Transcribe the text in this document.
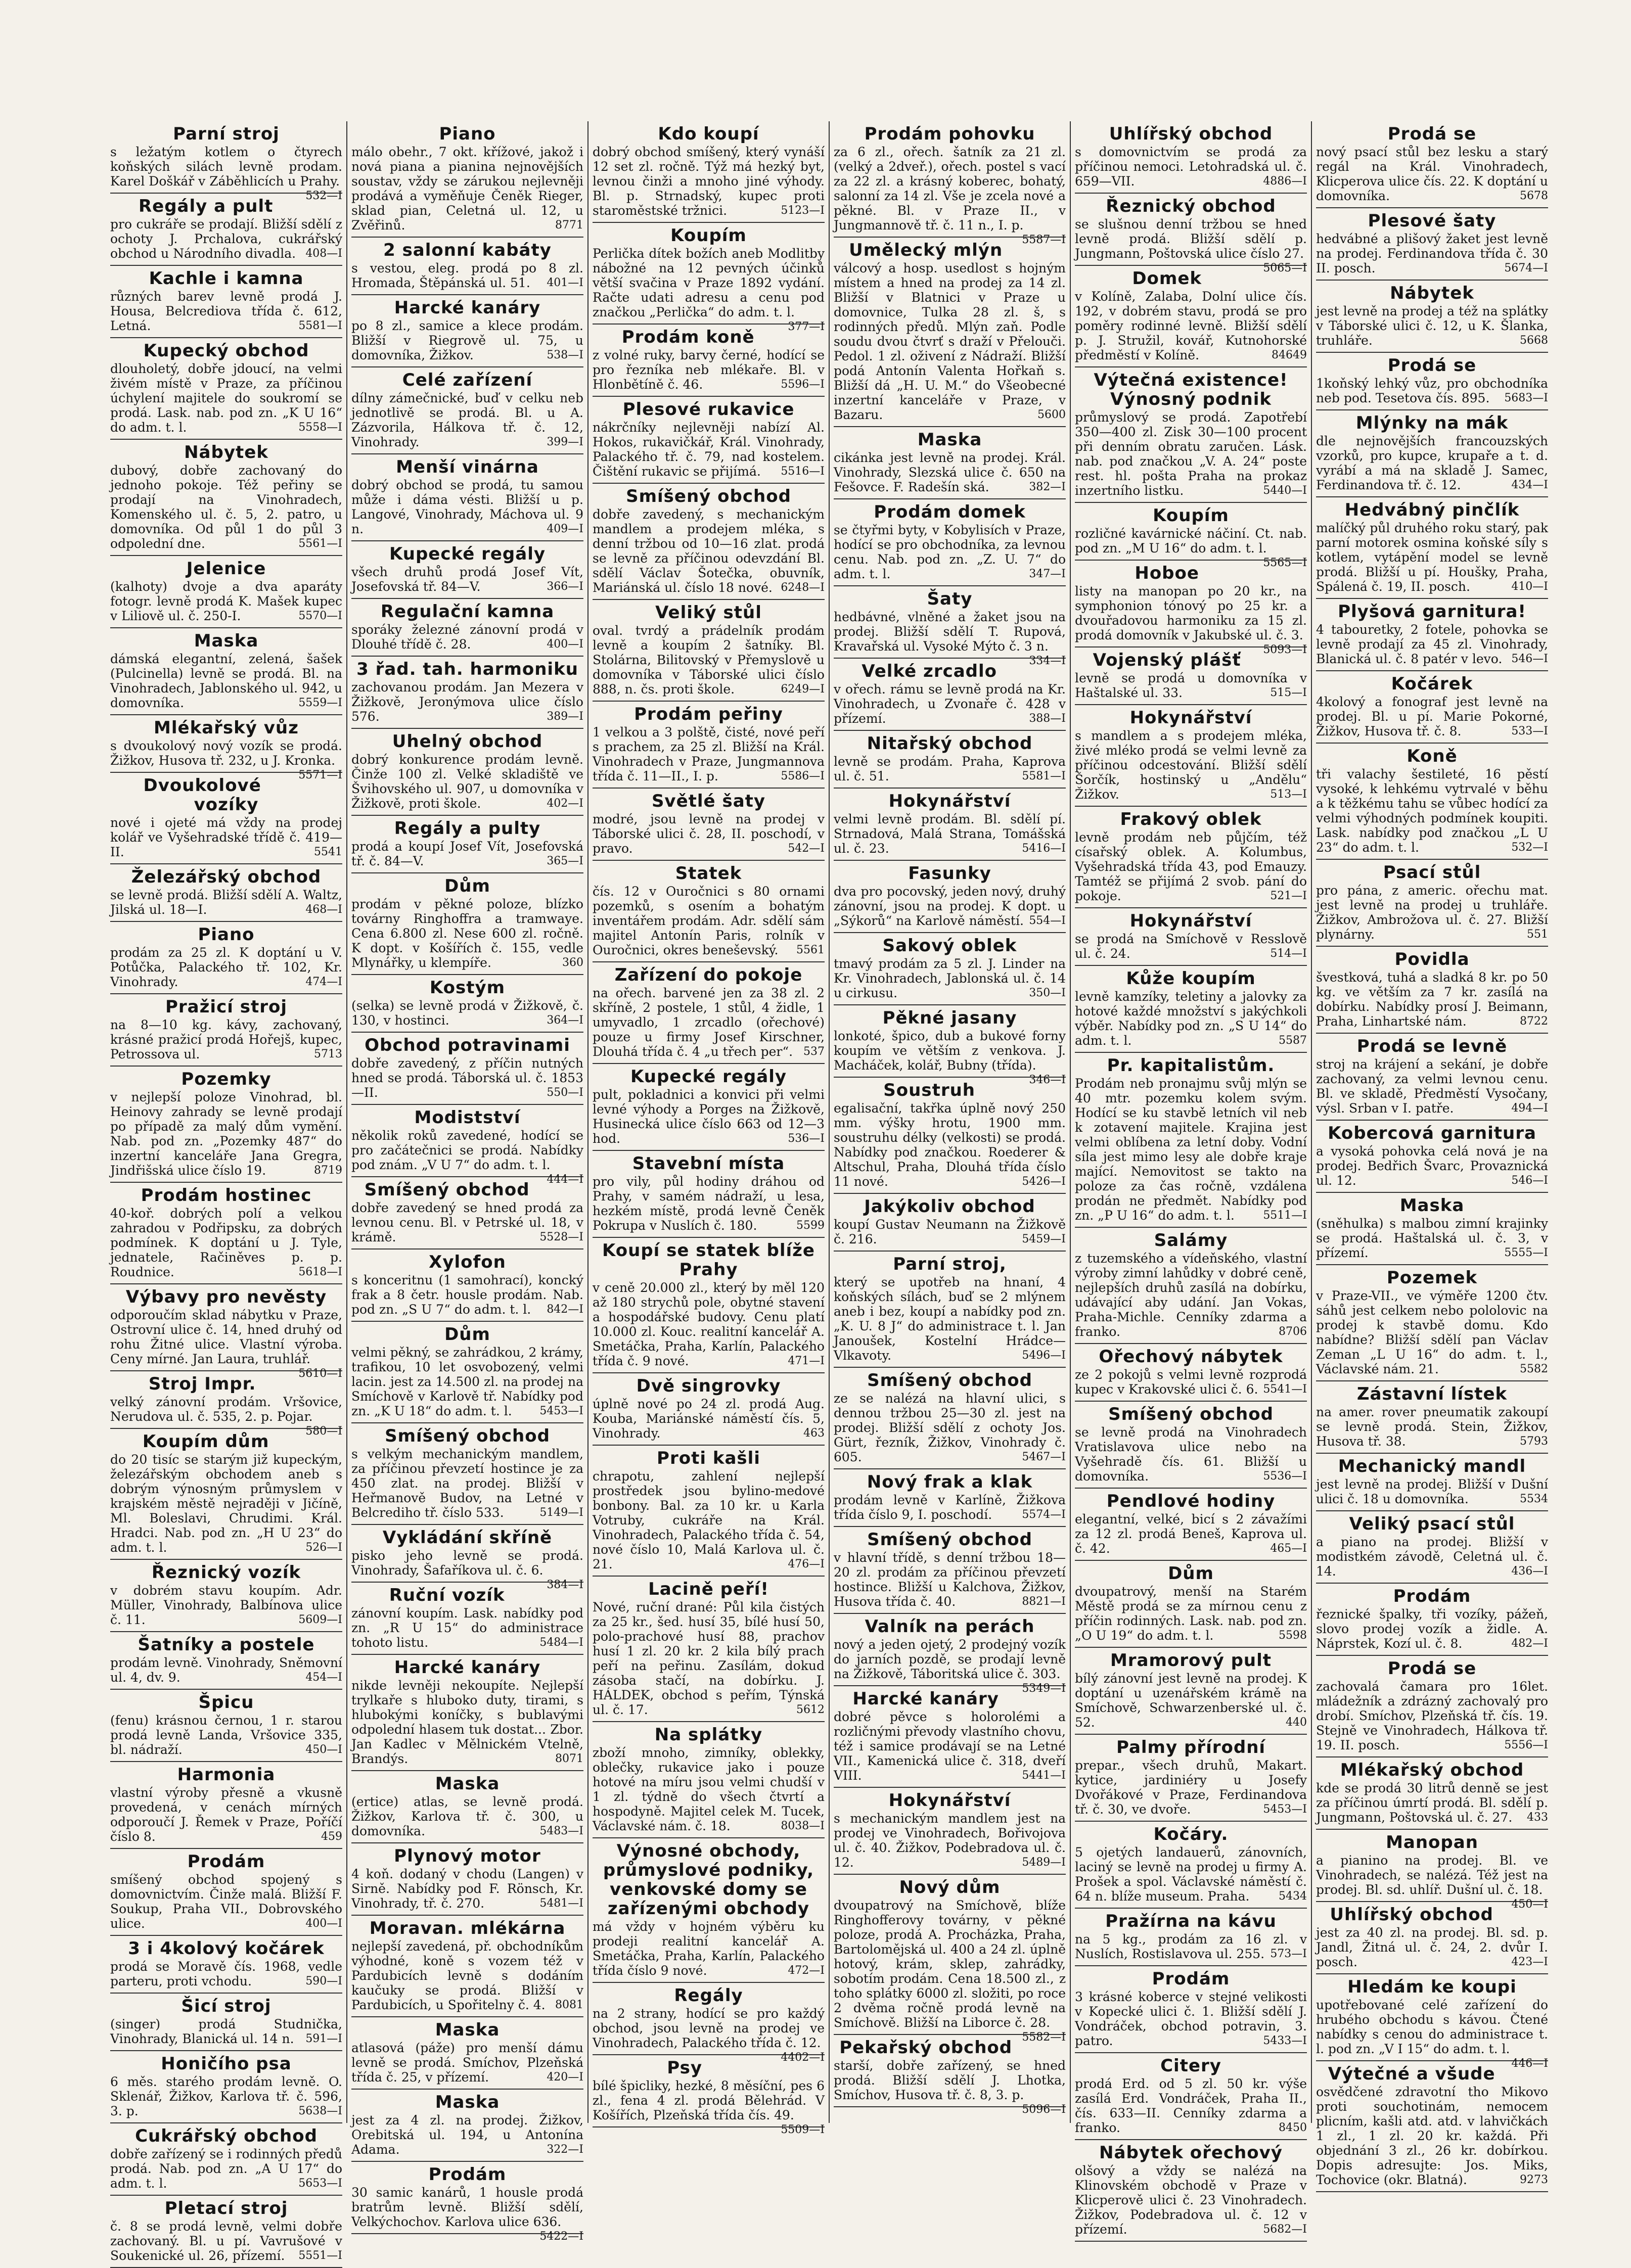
Parní stroj
s ležatým kotlem o čtyrech koňských silách levně prodam. Karel Doškář v Záběhlicích u Prahy.
532—I
Regály a pult
pro cukráře se prodají. Bližší sdělí z ochoty J. Prchalova, cukrářský obchod u Národního divadla. 408—I
Kachle i kamna
různých barev levně prodá J. Housa, Belcrediova třída č. 612, Letná.	5581—I
Kupecký obchod
dlouholetý, dobře jdoucí, na velmi živém místě v Praze, za příčinou úchylení majitele do soukromí se prodá. Lask. nab. pod zn. „K U 16“ do adm. t. l.	5558—I
Nábytek
dubový, dobře zachovaný do jednoho pokoje. Též peřiny se prodají na Vinohradech, Komenského ul. č. 5, 2. patro, u domovníka. Od půl 1 do půl 3 odpolední dne.	5561—I
Jelenice
(kalhoty) dvoje a dva aparáty fotogr. levně prodá K. Mašek kupec v Liliově ul. č. 250-I.	5570—I
Maska
dámská elegantní, zelená, šašek (Pulcinella) levně se prodá. Bl. na Vinohradech, Jablonského ul. 942, u domovníka.	5559—I
Mlékařský vůz
s dvoukolový nový vozík se prodá. Žižkov, Husova tř. 232, u J. Kronka.
5571—I
Dvoukolové vozíky
nové i ojeté má vždy na prodej kolář ve Vyšehradské třídě č. 419—II.	5541
Železářský obchod
se levně prodá. Bližší sdělí A. Waltz, Jilská ul. 18—I.	468—I
Piano
prodám za 25 zl. K doptání u V. Potůčka, Palackého tř. 102, Kr. Vinohrady.	474—I
Pražicí stroj
na 8—10 kg. kávy, zachovaný, krásné pražicí prodá Hořejš, kupec, Petrossova ul.	5713
Pozemky
v nejlepší poloze Vinohrad, bl. Heinovy zahrady se levně prodají po případě za malý dům vymění. Nab. pod zn. „Pozemky 487“ do inzertní kanceláře Jana Gregra, Jindřišská ulice číslo 19.	8719
Prodám hostinec
40-koř. dobrých polí a velkou zahradou v Podřipsku, za dobrých podmínek. K doptání u J. Tyle, jednatele, Račiněves p. p. Roudnice.	5618—I
Výbavy pro nevěsty
odporoučím sklad nábytku v Praze, Ostrovní ulice č. 14, hned druhý od rohu Žitné ulice. Vlastní výroba. Ceny mírné. Jan Laura, truhlář.
5610—I
Stroj Impr.
velký zánovní prodám. Vršovice, Nerudova ul. č. 535, 2. p. Pojar.
580—I
Koupím dům
do 20 tisíc se starým již kupeckým, železářským obchodem aneb s dobrým výnosným průmyslem v krajském městě nejraději v Jičíně, Ml. Boleslavi, Chrudimi. Král. Hradci. Nab. pod zn. „H U 23“ do adm. t. l.	526—I
Řeznický vozík
v dobrém stavu koupím. Adr. Müller, Vinohrady, Balbínova ulice č. 11.	5609—I
Šatníky a postele
prodám levně. Vinohrady, Sněmovní ul. 4, dv. 9.	454—I
Špicu
(fenu) krásnou černou, 1 r. starou prodá levně Landa, Vršovice 335, bl. nádraží.	450—I
Harmonia
vlastní výroby přesně a vkusně provedená, v cenách mírných odporoučí J. Řemek v Praze, Poříčí číslo 8.	459
Prodám
smíšený obchod spojený s domovnictvím. Činže malá. Bližší F. Soukup, Praha VII., Dobrovského ulice.	400—I
3 i 4kolový kočárek
prodá se Moravě čís. 1968, vedle parteru, proti vchodu.	590—I
Šicí stroj
(singer) prodá Studnička, Vinohrady, Blanická ul. 14 n. 591—I
Honičího psa
6 měs. starého prodám levně. O. Sklenář, Žižkov, Karlova tř. č. 596, 3. p.	5638—I
Cukrářský obchod
dobře zařízený se i rodinných předů prodá. Nab. pod zn. „A U 17“ do adm. t. l.	5653—I
Pletací stroj
č. 8 se prodá levně, velmi dobře zachovaný. Bl. u pí. Vavrušové v Soukenické ul. 26, přízemí. 5551—I
Piano
málo obehr., 7 okt. křížové, jakož i nová piana a pianina nejnovějších soustav, vždy se zárukou nejlevněji prodává a vyměňuje Čeněk Rieger, sklad pian, Celetná ul. 12, u Zvěřinů.	8771
2 salonní kabáty
s vestou, eleg. prodá po 8 zl. Hromada, Štěpánská ul. 51. 401—I
Harcké kanáry
po 8 zl., samice a klece prodám. Bližší v Riegrově ul. 75, u domovníka, Žižkov.	538—I
Celé zařízení
dílny zámečnické, buď v celku neb jednotlivě se prodá. Bl. u A. Zázvorila, Hálkova tř. č. 12, Vinohrady.	399—I
Menší vinárna
dobrý obchod se prodá, tu samou může i dáma vésti. Bližší u p. Langové, Vinohrady, Máchova ul. 9 n.	409—I
Kupecké regály
všech druhů prodá Josef Vít, Josefovská tř. 84—V.	366—I
Regulační kamna
sporáky železné zánovní prodá v Dlouhé třídě č. 28.	400—I
3 řad. tah. harmoniku
zachovanou prodám. Jan Mezera v Žižkově, Jeronýmova ulice číslo 576.	389—I
Uhelný obchod
dobrý konkurence prodám levně. Činže 100 zl. Velké skladiště ve Švihovského ul. 907, u domovníka v Žižkově, proti škole.	402—I
Regály a pulty
prodá a koupí Josef Vít, Josefovská tř. č. 84—V.	365—I
Dům
prodám v pěkné poloze, blízko továrny Ringhoffra a tramwaye. Cena 6.800 zl. Nese 600 zl. ročně. K dopt. v Košířích č. 155, vedle Mlynářky, u klempíře.	360
Kostým
(selka) se levně prodá v Žižkově, č. 130, v hostinci.	364—I
Obchod potravinami
dobře zavedený, z příčin nutných hned se prodá. Táborská ul. č. 1853—II.	550—I
Modistství
několik roků zavedené, hodící se pro začátečnici se prodá. Nabídky pod znám. „V U 7“ do adm. t. l.
444—I
Smíšený obchod
dobře zavedený se hned prodá za levnou cenu. Bl. v Petrské ul. 18, v krámě.	5528—I
Xylofon
s konceritnu (1 samohrací), koncký frak a 8 četr. housle prodám. Nab. pod zn. „S U 7“ do adm. t. l. 842—I
Dům
velmi pěkný, se zahrádkou, 2 krámy, trafikou, 10 let osvobozený, velmi lacin. jest za 14.500 zl. na prodej na Smíchově v Karlově tř. Nabídky pod zn. „K U 18“ do adm. t. l. 5453—I
Smíšený obchod
s velkým mechanickým mandlem, za příčinou převzetí hostince je za 450 zlat. na prodej. Bližší v Heřmanově Budov, na Letné v Belcrediho tř. číslo 533.	5149—I
Vykládání skříně
pisko jeho levně se prodá. Vinohrady, Šafaříkova ul. č. 6.
384—I
Ruční vozík
zánovní koupím. Lask. nabídky pod zn. „R U 15“ do administrace tohoto listu.	5484—I
Harcké kanáry
nikde levněji nekoupíte. Nejlepší trylkaře s hluboko duty, tirami, s hlubokými koníčky, s bublavými odpolední hlasem tuk dostat... Zbor. Jan Kadlec v Mělnickém Vtelně, Brandýs.	8071
Maska
(ertice) atlas, se levně prodá. Žižkov, Karlova tř. č. 300, u domovníka.	5483—I
Plynový motor
4 koň. dodaný v chodu (Langen) v Sirně. Nabídky pod F. Rönsch, Kr. Vinohrady, tř. č. 270.	5481—I
Moravan. mlékárna
nejlepší zavedená, př. obchodníkům výhodné, koně s vozem též v Pardubicích levně s dodáním kaučuky se prodá. Bližší v Pardubicích, u Spořitelny č. 4. 8081
Maska
atlasová (páže) pro menší dámu levně se prodá. Smíchov, Plzeňská třída č. 25, v přízemí.	420—I
Maska
jest za 4 zl. na prodej. Žižkov, Orebitská ul. 194, u Antonína Adama.	322—I
Prodám
30 samic kanárů, 1 housle prodá bratrům levně. Bližší sdělí, Velkýchochov. Karlova ulice 636.
5422—I
Kdo koupí
dobrý obchod smíšený, který vynáší 12 set zl. ročně. Týž má hezký byt, levnou činži a mnoho jiné výhody. Bl. p. Strnadský, kupec proti staroměstské tržnici.	5123—I
Koupím
Perlička dítek božích aneb Modlitby nábožné na 12 pevných účinků větší svačina v Praze 1892 vydání. Račte udati adresu a cenu pod značkou „Perlička“ do adm. t. l.
377—I
Prodám koně
z volné ruky, barvy černé, hodící se pro řezníka neb mlékaře. Bl. v Hlonbětíně č. 46.	5596—I
Plesové rukavice
nákrčníky nejlevněji nabízí Al. Hokos, rukavičkář, Král. Vinohrady, Palackého tř. č. 79, nad kostelem. Čištění rukavic se přijímá. 5516—I
Smíšený obchod
dobře zavedený, s mechanickým mandlem a prodejem mléka, s denní tržbou od 10—16 zlat. prodá se levně za příčinou odevzdání Bl. sdělí Václav Šotečka, obuvník, Mariánská ul. číslo 18 nové. 6248—I
Veliký stůl
oval. tvrdý a prádelník prodám levně a koupím 2 šatníky. Bl. Stolárna, Bilitovský v Přemyslově u domovníka v Táborské ulici číslo 888, n. čs. proti škole.	6249—I
Prodám peřiny
1 velkou a 3 polště, čisté, nové peří s prachem, za 25 zl. Bližší na Král. Vinohradech v Praze, Jungmannova třída č. 11—II., I. p.	5586—I
Světlé šaty
modré, jsou levně na prodej v Táborské ulici č. 28, II. poschodí, v pravo.	542—I
Statek
čís. 12 v Ouročnici s 80 ornami pozemků, s osením a bohatým inventářem prodám. Adr. sdělí sám majitel Antonín Paris, rolník v Ouročnici, okres beneševský. 5561
Zařízení do pokoje
na ořech. barvené jen za 38 zl. 2 skříně, 2 postele, 1 stůl, 4 židle, 1 umyvadlo, 1 zrcadlo (ořechové) pouze u firmy Josef Kirschner, Dlouhá třída č. 4 „u třech per“. 537
Kupecké regály
pult, pokladnici a konvici při velmi levné výhody a Porges na Žižkově, Husinecká ulice číslo 663 od 12—3 hod.	536—I
Stavební místa
pro vily, půl hodiny dráhou od Prahy, v samém nádraží, u lesa, hezkém místě, prodá levně Čeněk Pokrupa v Nuslích č. 180.	5599
Koupí se statek blíže Prahy
v ceně 20.000 zl., který by měl 120 až 180 strychů pole, obytné stavení a hospodářské budovy. Cenu platí 10.000 zl. Kouc. realitní kancelář A. Smetáčka, Praha, Karlín, Palackého třída č. 9 nové.	471—I
Dvě singrovky
úplně nové po 24 zl. prodá Aug. Kouba, Mariánské náměstí čís. 5, Vinohrady.	463
Proti kašli
chrapotu, zahlení nejlepší prostředek jsou bylino-medové bonbony. Bal. za 10 kr. u Karla Votruby, cukráře na Král. Vinohradech, Palackého třída č. 54, nové číslo 10, Malá Karlova ul. č. 21.	476—I
Lacině peří!
Nové, ruční drané: Půl kila čistých za 25 kr., šed. husí 35, bílé husí 50, polo-prachové husí 88, prachov husí 1 zl. 20 kr. 2 kila bílý prach peří na peřinu. Zasílám, dokud zásoba stačí, na dobírku. J. HÁLDEK, obchod s peřím, Týnská ul. č. 17.	5612
Na splátky
zboží mnoho, zimníky, oblekky, oblečky, rukavice jako i pouze hotové na míru jsou velmi chudší v 1 zl. týdně do všech čtvrtí a hospodyně. Majitel celek M. Tucek, Václavské nám. č. 18.	8038—I
Výnosné obchody, průmyslové podniky, venkovské domy se zařízenými obchody
má vždy v hojném výběru ku prodeji realitní kancelář A. Smetáčka, Praha, Karlín, Palackého třída číslo 9 nové.	472—I
Regály
na 2 strany, hodící se pro každý obchod, jsou levně na prodej ve Vinohradech, Palackého třída č. 12.
4402—I
Psy
bílé špicliky, hezké, 8 měsíční, pes 6 zl., fena 4 zl. prodá Bělehrád. V Košířích, Plzeňská třída čís. 49.
5509—I
Prodám pohovku
za 6 zl., ořech. šatník za 21 zl. (velký a 2dveř.), ořech. postel s vací za 22 zl. a krásný koberec, bohatý, salonní za 14 zl. Vše je zcela nové a pěkné. Bl. v Praze II., v Jungmannově tř. č. 11 n., I. p.
5587—I
Umělecký mlýn
válcový a hosp. usedlost s hojným místem a hned na prodej za 14 zl. Bližší v Blatnici v Praze u domovnice, Tulka 28 zl. š, s rodinných předů. Mlýn zaň. Podle soudu dvou čtvrť s draží v Přelouči. Pedol. 1 zl. oživení z Nádraží. Bližší podá Antonín Valenta Hořkaň s. Bližší dá „H. U. M.“ do Všeobecné inzertní kanceláře v Praze, v Bazaru.	5600
Maska
cikánka jest levně na prodej. Král. Vinohrady, Slezská ulice č. 650 na Fešovce. F. Radešín ská.	382—I
Prodám domek
se čtyřmi byty, v Kobylisích v Praze, hodící se pro obchodníka, za levnou cenu. Nab. pod zn. „Z. U. 7“ do adm. t. l.	347—I
Šaty
hedbávné, vlněné a žaket jsou na prodej. Bližší sdělí T. Rupová, Kravařská ul. Vysoké Mýto č. 3 n.
334—I
Velké zrcadlo
v ořech. rámu se levně prodá na Kr. Vinohradech, u Zvonaře č. 428 v přízemí.	388—I
Nitařský obchod
levně se prodám. Praha, Kaprova ul. č. 51.	5581—I
Hokynářství
velmi levně prodám. Bl. sdělí pí. Strnadová, Malá Strana, Tomášská ul. č. 23.	5416—I
Fasunky
dva pro pocovský, jeden nový, druhý zánovní, jsou na prodej. K dopt. u „Sýkorů“ na Karlově náměstí. 554—I
Sakový oblek
tmavý prodám za 5 zl. J. Linder na Kr. Vinohradech, Jablonská ul. č. 14 u cirkusu.	350—I
Pěkné jasany
lonkoté, špico, dub a bukové forny koupím ve větším z venkova. J. Macháček, kolář, Bubny (třída).
346—I
Soustruh
egalisační, takřka úplně nový 250 mm. výšky hrotu, 1900 mm. soustruhu délky (velkosti) se prodá. Nabídky pod značkou. Roederer & Altschul, Praha, Dlouhá třída číslo 11 nové.	5426—I
Jakýkoliv obchod
koupí Gustav Neumann na Žižkově č. 216.	5459—I
Parní stroj,
který se upotřeb na hnaní, 4 koňských sílách, buď se 2 mlýnem aneb i bez, koupí a nabídky pod zn. „K. U. 8 J“ do administrace t. l. Jan Janoušek, Kostelní Hrádce—Vlkavoty.	5496—I
Smíšený obchod
ze se nalézá na hlavní ulici, s dennou tržbou 25—30 zl. jest na prodej. Bližší sdělí z ochoty Jos. Gürt, řezník, Žižkov, Vinohrady č. 605.	5467—I
Nový frak a klak
prodám levně v Karlíně, Žižkova třída číslo 9, I. poschodí.	5574—I
Smíšený obchod
v hlavní třídě, s denní tržbou 18—20 zl. prodám za příčinou převzetí hostince. Bližší u Kalchova, Žižkov, Husova třída č. 40.	8821—I
Valník na perách
nový a jeden ojetý, 2 prodejný vozík do jarních pozdě, se prodají levně na Žižkově, Táboritská ulice č. 303.
5349—I
Harcké kanáry
dobré pěvce s holorolémi a rozličnými převody vlastního chovu, též i samice prodávají se na Letné VII., Kamenická ulice č. 318, dveří VIII.	5441—I
Hokynářství
s mechanickým mandlem jest na prodej ve Vinohradech, Bořivojova ul. č. 40. Žižkov, Podebradova ul. č. 12.	5489—I
Nový dům
dvoupatrový na Smíchově, blíže Ringhofferovy továrny, v pěkné poloze, prodá A. Procházka, Praha, Bartolomějská ul. 400 a 24 zl. úplně hotový, krám, sklep, zahrádky, sobotím prodám. Cena 18.500 zl., z toho splátky 6000 zl. složiti, po roce 2 dvěma ročně prodá levně na Smíchově. Bližší na Liborce č. 28.
5582—I
Pekařský obchod
starší, dobře zařízený, se hned prodá. Bližší sdělí J. Lhotka, Smíchov, Husova tř. č. 8, 3. p.
5096—I
Uhlířský obchod
s domovnictvím se prodá za příčinou nemoci. Letohradská ul. č. 659—VII.	4886—I
Řeznický obchod
se slušnou denní tržbou se hned levně prodá. Bližší sdělí p. Jungmann, Poštovská ulice číslo 27.
5065—I
Domek
v Kolíně, Zalaba, Dolní ulice čís. 192, v dobrém stavu, prodá se pro poměry rodinné levně. Bližší sdělí p. J. Stružil, kovář, Kutnohorské předměstí v Kolíně.	84649
Výtečná existence! Výnosný podnik
průmyslový se prodá. Zapotřebí 350—400 zl. Zisk 30—100 procent při denním obratu zaručen. Lásk. nab. pod značkou „V. A. 24“ poste rest. hl. pošta Praha na prokaz inzertního listku.	5440—I
Koupím
rozličné kavárnické náčiní. Ct. nab. pod zn. „M U 16“ do adm. t. l.
5565—I
Hoboe
listy na manopan po 20 kr., na symphonion tónový po 25 kr. a dvouřadovou harmoniku za 15 zl. prodá domovník v Jakubské ul. č. 3.
5093—I
Vojenský plášť
levně se prodá u domovníka v Haštalské ul. 33.	515—I
Hokynářství
s mandlem a s prodejem mléka, živé mléko prodá se velmi levně za příčinou odcestování. Bližší sdělí Šorčík, hostinský u „Andělu“ Žižkov.	513—I
Frakový oblek
levně prodám neb půjčím, též císařský oblek. A. Kolumbus, Vyšehradská třída 43, pod Emauzy. Tamtéž se přijímá 2 svob. pání do pokoje.	521—I
Hokynářství
se prodá na Smíchově v Resslově ul. č. 24.	514—I
Kůže koupím
levně kamzíky, teletiny a jalovky za hotové každé množství s jakýchkoli výběr. Nabídky pod zn. „S U 14“ do adm. t. l.	5587
Pr. kapitalistům.
Prodám neb pronajmu svůj mlýn se 40 mtr. pozemku kolem svým. Hodící se ku stavbě letních vil neb k zotavení majitele. Krajina jest velmi oblíbena za letní doby. Vodní síla jest mimo lesy ale dobře kraje mající. Nemovitost se takto na poloze za čas ročně, vzdálena prodán ne předmět. Nabídky pod zn. „P U 16“ do adm. t. l.	5511—I
Salámy
z tuzemského a vídeňského, vlastní výroby zimní lahůdky v dobré ceně, nejlepších druhů zasílá na dobírku, udávající aby udání. Jan Vokas, Praha-Michle. Cenníky zdarma a franko.	8706
Ořechový nábytek
ze 2 pokojů s velmi levně rozprodá kupec v Krakovské ulici č. 6. 5541—I
Smíšený obchod
se levně prodá na Vinohradech Vratislavova ulice nebo na Vyšehradě čís. 61. Bližší u domovníka.	5536—I
Pendlové hodiny
elegantní, velké, bicí s 2 závažími za 12 zl. prodá Beneš, Kaprova ul. č. 42.	465—I
Dům
dvoupatrový, menší na Starém Městě prodá se za mírnou cenu z příčin rodinných. Lask. nab. pod zn. „O U 19“ do adm. t. l.	5598
Mramorový pult
bílý zánovní jest levně na prodej. K doptání u uzenářském krámě na Smíchově, Schwarzenberské ul. č. 52.	440
Palmy přírodní
prepar., všech druhů, Makart. kytice, jardiniéry u Josefy Dvořákové v Praze, Ferdinandova tř. č. 30, ve dvoře.	5453—I
Kočáry.
5 ojetých landauerů, zánovních, laciný se levně na prodej u firmy A. Prošek a spol. Václavské náměstí č. 64 n. blíže museum. Praha.	5434
Pražírna na kávu
na 5 kg., prodám za 16 zl. v Nuslích, Rostislavova ul. 255. 573—I
Prodám
3 krásné koberce v stejné velikosti v Kopecké ulici č. 1. Bližší sdělí J. Vondráček, obchod potravin, 3. patro.	5433—I
Citery
prodá Erd. od 5 zl. 50 kr. výše zasílá Erd. Vondráček, Praha II., čís. 633—II. Cenníky zdarma a franko.	8450
Nábytek ořechový
olšový a vždy se nalézá na Klinovském obchodě v Praze v Klicperově ulici č. 23 Vinohradech. Žižkov, Podebradova ul. č. 12 v přízemí.	5682—I
Prodá se
nový psací stůl bez lesku a starý regál na Král. Vinohradech, Klicperova ulice čís. 22. K doptání u domovníka.	5678
Plesové šaty
hedvábné a plišový žaket jest levně na prodej. Ferdinandova třída č. 30 II. posch.	5674—I
Nábytek
jest levně na prodej a též na splátky v Táborské ulici č. 12, u K. Šlanka, truhláře.	5668
Prodá se
1koňský lehký vůz, pro obchodníka neb pod. Tesetova čís. 895. 5683—I
Mlýnky na mák
dle nejnovějších francouzských vzorků, pro kupce, krupaře a t. d. vyrábí a má na skladě J. Samec, Ferdinandova tř. č. 12.	434—I
Hedvábný pinčlík
malíčký půl druhého roku starý, pak parní motorek osmina koňské síly s kotlem, vytápění model se levně prodá. Bližší u pí. Houšky, Praha, Spálená č. 19, II. posch.	410—I
Plyšová garnitura!
4 tabouretky, 2 fotele, pohovka se levně prodají za 45 zl. Vinohrady, Blanická ul. č. 8 patér v levo. 546—I
Kočárek
4kolový a fonograf jest levně na prodej. Bl. u pí. Marie Pokorné, Žižkov, Husova tř. č. 8.	533—I
Koně
tři valachy šestileté, 16 pěstí vysoké, k lehkému vytrvalé v běhu a k těžkému tahu se vůbec hodící za velmi výhodných podmínek koupiti. Lask. nabídky pod značkou „L U 23“ do adm. t. l.	532—I
Psací stůl
pro pána, z americ. ořechu mat. jest levně na prodej u truhláře. Žižkov, Ambrožova ul. č. 27. Bližší plynárny.	551
Povidla
švestková, tuhá a sladká 8 kr. po 50 kg. ve větším za 7 kr. zasílá na dobírku. Nabídky prosí J. Beimann, Praha, Linhartské nám.	8722
Prodá se levně
stroj na krájení a sekání, je dobře zachovaný, za velmi levnou cenu. Bl. ve skladě, Předměstí Vysočany, výsl. Srban v I. patře.	494—I
Kobercová garnitura
a vysoká pohovka celá nová je na prodej. Bedřich Švarc, Provaznická ul. 12.	546—I
Maska
(sněhulka) s malbou zimní krajinky se prodá. Haštalská ul. č. 3, v přízemí.	5555—I
Pozemek
v Praze-VII., ve výměře 1200 čtv. sáhů jest celkem nebo pololovic na prodej k stavbě domu. Kdo nabídne? Bližší sdělí pan Václav Zeman „L U 16“ do adm. t. l., Václavské nám. 21.	5582
Zástavní lístek
na amer. rover pneumatik zakoupí se levně prodá. Stein, Žižkov, Husova tř. 38.	5793
Mechanický mandl
jest levně na prodej. Bližší v Dušní ulici č. 18 u domovníka.	5534
Veliký psací stůl
a piano na prodej. Bližší v modistkém závodě, Celetná ul. č. 14.	436—I
Prodám
řeznické špalky, tři vozíky, pážeň, slovo prodej vozík a židle. A. Náprstek, Kozí ul. č. 8.	482—I
Prodá se
zachovalá čamara pro 16let. mládežník a zdrázný zachovalý pro drobí. Smíchov, Plzeňská tř. čís. 19. Stejně ve Vinohradech, Hálkova tř. 19. II. posch.	5556—I
Mlékařský obchod
kde se prodá 30 litrů denně se jest za příčinou úmrtí prodá. Bl. sdělí p. Jungmann, Poštovská ul. č. 27. 433
Manopan
a pianino na prodej. Bl. ve Vinohradech, se nalézá. Též jest na prodej. Bl. sd. uhlíř. Dušní ul. č. 18.
450—I
Uhlířský obchod
jest za 40 zl. na prodej. Bl. sd. p. Jandl, Žitná ul. č. 24, 2. dvůr I. posch.	423—I
Hledám ke koupi
upotřebované celé zařízení do hrubého obchodu s kávou. Čtené nabídky s cenou do administrace t. l. pod zn. „V I 15“ do adm. t. l.
446—I
Výtečné a všude
osvědčené zdravotní tho Mikovo proti souchotinám, nemocem plicním, kašli atd. atd. v lahvičkách 1 zl., 1 zl. 20 kr. každá. Při objednání 3 zl., 26 kr. dobírkou. Dopis adresujte: Jos. Miks, Tochovice (okr. Blatná).	9273
